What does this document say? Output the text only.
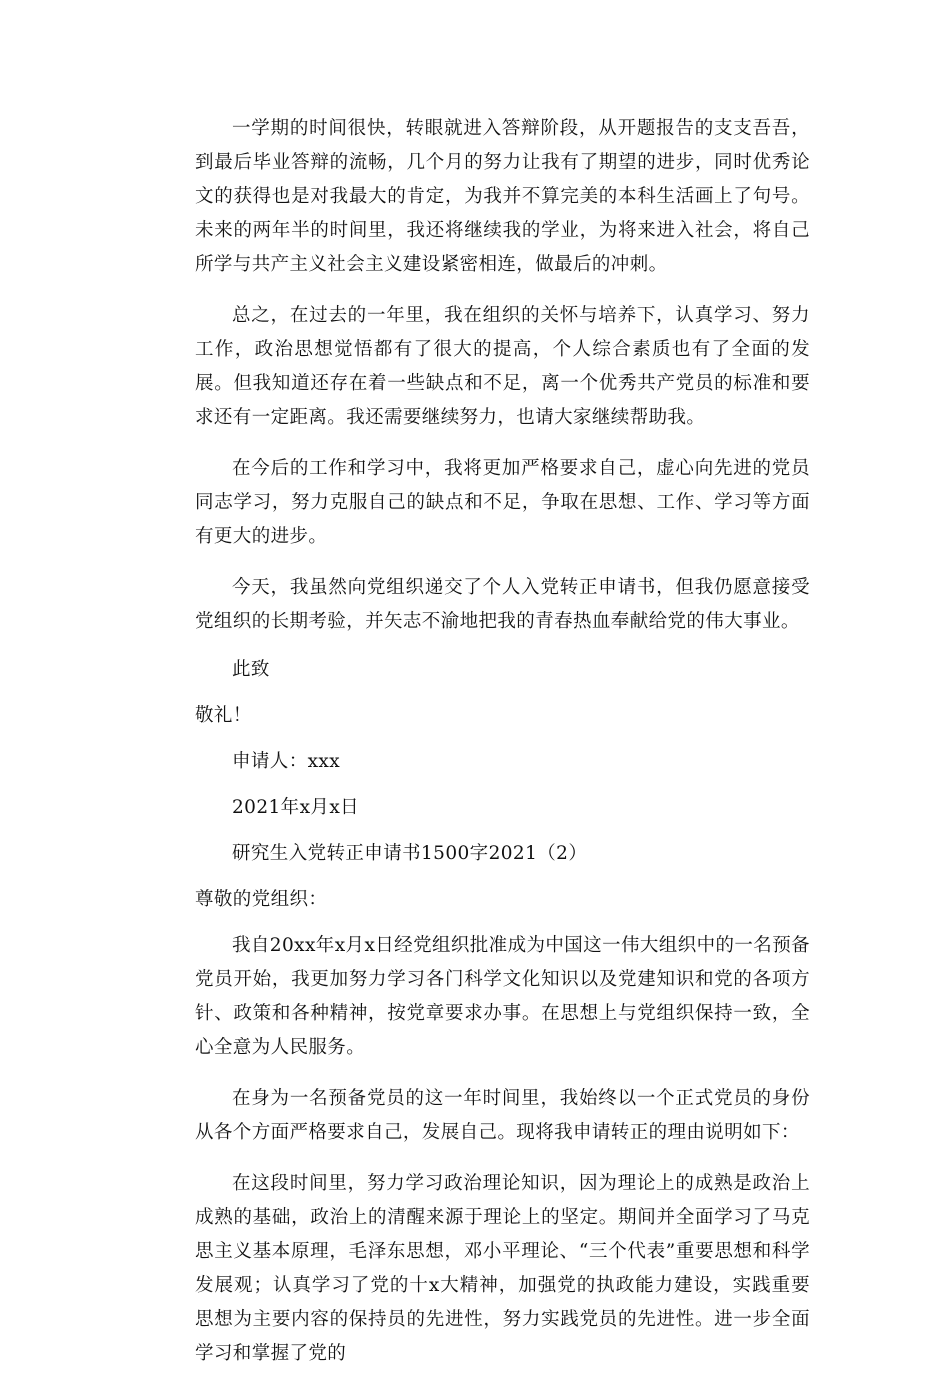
一学期的时间很快，转眼就进入答辩阶段，从开题报告的支支吾吾，到最后毕业答辩的流畅，几个月的努力让我有了期望的进步，同时优秀论文的获得也是对我最大的肯定，为我并不算完美的本科生活画上了句号。未来的两年半的时间里，我还将继续我的学业，为将来进入社会，将自己所学与共产主义社会主义建设紧密相连，做最后的冲刺。

总之，在过去的一年里，我在组织的关怀与培养下，认真学习、努力工作，政治思想觉悟都有了很大的提高，个人综合素质也有了全面的发展。但我知道还存在着一些缺点和不足，离一个优秀共产党员的标准和要求还有一定距离。我还需要继续努力，也请大家继续帮助我。

在今后的工作和学习中，我将更加严格要求自己，虚心向先进的党员同志学习，努力克服自己的缺点和不足，争取在思想、工作、学习等方面有更大的进步。

今天，我虽然向党组织递交了个人入党转正申请书，但我仍愿意接受党组织的长期考验，并矢志不渝地把我的青春热血奉献给党的伟大事业。

此致
敬礼！
申请人：xxx
2021年x月x日
研究生入党转正申请书1500字2021（2）
尊敬的党组织：

我自20xx年x月x日经党组织批准成为中国这一伟大组织中的一名预备党员开始，我更加努力学习各门科学文化知识以及党建知识和党的各项方针、政策和各种精神，按党章要求办事。在思想上与党组织保持一致，全心全意为人民服务。

在身为一名预备党员的这一年时间里，我始终以一个正式党员的身份从各个方面严格要求自己，发展自己。现将我申请转正的理由说明如下：

在这段时间里，努力学习政治理论知识，因为理论上的成熟是政治上成熟的基础，政治上的清醒来源于理论上的坚定。期间并全面学习了马克思主义基本原理，毛泽东思想，邓小平理论、“三个代表”重要思想和科学发展观；认真学习了党的十x大精神，加强党的执政能力建设，实践重要思想为主要内容的保持员的先进性，努力实践党员的先进性。进一步全面学习和掌握了党的
